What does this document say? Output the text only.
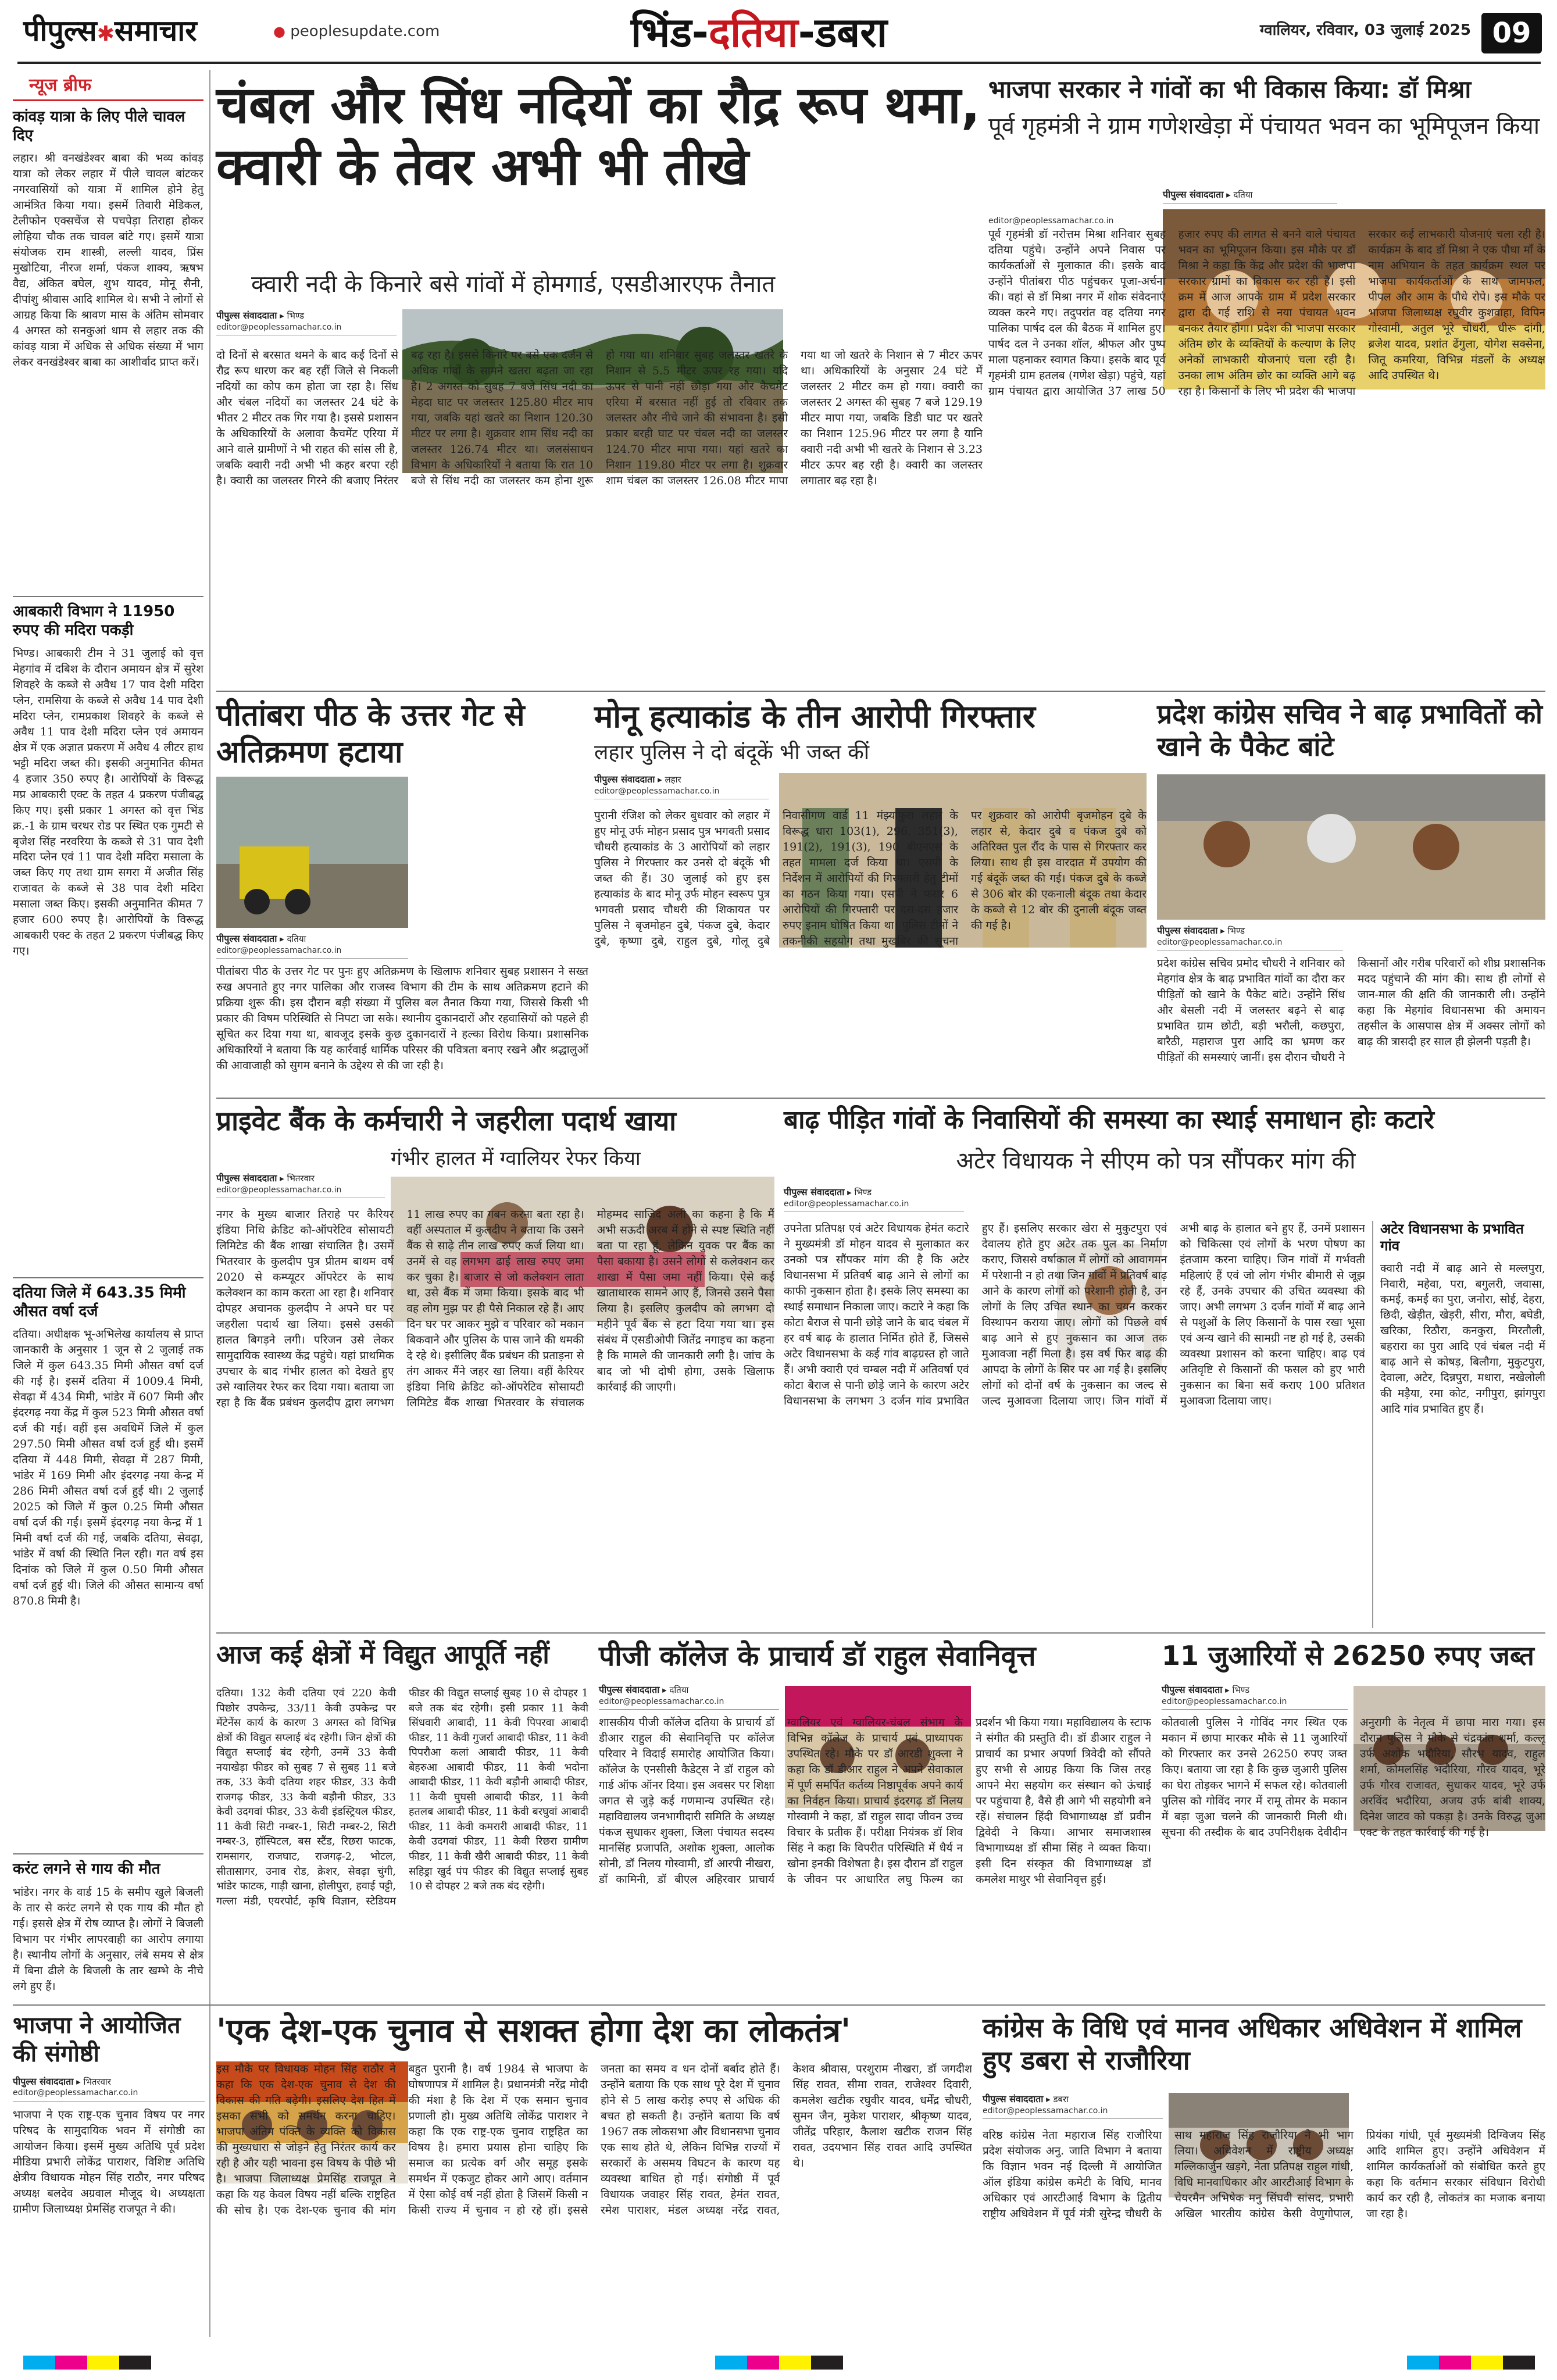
पीपुल्स✱समाचार	● peoplesupdate.com	भिंड-दतिया-डबरा	ग्वालियर, रविवार, 03 जुलाई 2025 09
न्यूज ब्रीफ
कांवड़ यात्रा के लिए पीले चावल दिए
लहार। श्री वनखंडेश्वर बाबा की भव्य कांवड़ यात्रा को लेकर लहार में पीले चावल बांटकर नगरवासियों को यात्रा में शामिल होने हेतु आमंत्रित किया गया। इसमें तिवारी मेडिकल, टेलीफोन एक्सचेंज से पचपेड़ा तिराहा होकर लोहिया चौक तक चावल बांटे गए। इसमें यात्रा संयोजक राम शास्त्री, लल्ली यादव, प्रिंस मुखोटिया, नीरज शर्मा, पंकज शाक्य, ऋषभ वैद्य, अंकित बघेल, शुभ यादव, मोनू सैनी, दीपांशु श्रीवास आदि शामिल थे। सभी ने लोगों से आग्रह किया कि श्रावण मास के अंतिम सोमवार 4 अगस्त को सनकुआं धाम से लहार तक की कांवड़ यात्रा में अधिक से अधिक संख्या में भाग लेकर वनखंडेश्वर बाबा का आशीर्वाद प्राप्त करें।
आबकारी विभाग ने 11950 रुपए की मदिरा पकड़ी
भिण्ड। आबकारी टीम ने 31 जुलाई को वृत्त मेहगांव में दबिश के दौरान अमायन क्षेत्र में सुरेश शिवहरे के कब्जे से अवैध 17 पाव देशी मदिरा प्लेन, रामसिया के कब्जे से अवैध 14 पाव देशी मदिरा प्लेन, रामप्रकाश शिवहरे के कब्जे से अवैध 11 पाव देशी मदिरा प्लेन एवं अमायन क्षेत्र में एक अज्ञात प्रकरण में अवैध 4 लीटर हाथ भट्टी मदिरा जब्त की। इसकी अनुमानित कीमत 4 हजार 350 रुपए है। आरोपियों के विरूद्ध मप्र आबकारी एक्ट के तहत 4 प्रकरण पंजीबद्ध किए गए। इसी प्रकार 1 अगस्त को वृत्त भिंड क्र.-1 के ग्राम चरथर रोड पर स्थित एक गुमटी से बृजेश सिंह नरवरिया के कब्जे से 31 पाव देशी मदिरा प्लेन एवं 11 पाव देशी मदिरा मसाला के जब्त किए गए तथा ग्राम सगरा में अजीत सिंह राजावत के कब्जे से 38 पाव देशी मदिरा मसाला जब्त किए। इसकी अनुमानित कीमत 7 हजार 600 रुपए है। आरोपियों के विरूद्ध आबकारी एक्ट के तहत 2 प्रकरण पंजीबद्ध किए गए।
दतिया जिले में 643.35 मिमी औसत वर्षा दर्ज
दतिया। अधीक्षक भू-अभिलेख कार्यालय से प्राप्त जानकारी के अनुसार 1 जून से 2 जुलाई तक जिले में कुल 643.35 मिमी औसत वर्षा दर्ज की गई है। इसमें दतिया में 1009.4 मिमी, सेवढ़ा में 434 मिमी, भांडेर में 607 मिमी और इंदरगढ़ नया केंद्र में कुल 523 मिमी औसत वर्षा दर्ज की गई। वहीं इस अवधिमें जिले में कुल 297.50 मिमी औसत वर्षा दर्ज हुई थी। इसमें दतिया में 448 मिमी, सेवढ़ा में 287 मिमी, भांडेर में 169 मिमी और इंदरगढ़ नया केन्द्र में 286 मिमी औसत वर्षा दर्ज हुई थी। 2 जुलाई 2025 को जिले में कुल 0.25 मिमी औसत वर्षा दर्ज की गई। इसमें इंदरगढ़ नया केन्द्र में 1 मिमी वर्षा दर्ज की गई, जबकि दतिया, सेवढ़ा, भांडेर में वर्षा की स्थिति निल रही। गत वर्ष इस दिनांक को जिले में कुल 0.50 मिमी औसत वर्षा दर्ज हुई थी। जिले की औसत सामान्य वर्षा 870.8 मिमी है।
करंट लगने से गाय की मौत
भांडेर। नगर के वार्ड 15 के समीप खुले बिजली के तार से करंट लगने से एक गाय की मौत हो गई। इससे क्षेत्र में रोष व्याप्त है। लोगों ने बिजली विभाग पर गंभीर लापरवाही का आरोप लगाया है। स्थानीय लोगों के अनुसार, लंबे समय से क्षेत्र में बिना ढीले के बिजली के तार खम्भे के नीचे लगे हुए हैं।
चंबल और सिंध नदियों का रौद्र रूप थमा, क्वारी के तेवर अभी भी तीखे
क्वारी नदी के किनारे बसे गांवों में होमगार्ड, एसडीआरएफ तैनात
पीपुल्स संवाददाता ▸ भिण्ड
editor@peoplessamachar.co.in
दो दिनों से बरसात थमने के बाद कई दिनों से रौद्र रूप धारण कर बह रहीं जिले से निकली नदियों का कोप कम होता जा रहा है। सिंध और चंबल नदियों का जलस्तर 24 घंटे के भीतर 2 मीटर तक गिर गया है। इससे प्रशासन के अधिकारियों के अलावा कैचमेंट एरिया में आने वाले ग्रामीणों ने भी राहत की सांस ली है, जबकि क्वारी नदी अभी भी कहर बरपा रही है। क्वारी का जलस्तर गिरने की बजाए निरंतर बढ़ रहा है। इससे किनारे पर बसे एक दर्जन से अधिक गांवों के सामने खतरा बढ़ता जा रहा है। 2 अगस्त को सुबह 7 बजे सिंध नदी का मेहदा घाट पर जलस्तर 125.80 मीटर माप गया, जबकि यहां खतरे का निशान 120.30 मीटर पर लगा है। शुक्रवार शाम सिंध नदी का जलस्तर 126.74 मीटर था। जलसंसाधन विभाग के अधिकारियों ने बताया कि रात 10 बजे से सिंध नदी का जलस्तर कम होना शुरू हो गया था। शनिवार सुबह जलस्तर खतरे के निशान से 5.5 मीटर ऊपर रह गया। यदि ऊपर से पानी नहीं छोड़ा गया और कैचमेंट एरिया में बरसात नहीं हुई तो रविवार तक जलस्तर और नीचे जाने की संभावना है। इसी प्रकार बरही घाट पर चंबल नदी का जलस्तर 124.70 मीटर मापा गया। यहां खतरे का निशान 119.80 मीटर पर लगा है। शुक्रवार शाम चंबल का जलस्तर 126.08 मीटर मापा गया था जो खतरे के निशान से 7 मीटर ऊपर था। अधिकारियों के अनुसार 24 घंटे में जलस्तर 2 मीटर कम हो गया। क्वारी का जलस्तर 2 अगस्त की सुबह 7 बजे 129.19 मीटर मापा गया, जबकि डिडी घाट पर खतरे का निशान 125.96 मीटर पर लगा है यानि क्वारी नदी अभी भी खतरे के निशान से 3.23 मीटर ऊपर बह रही है। क्वारी का जलस्तर लगातार बढ़ रहा है।
भाजपा सरकार ने गांवों का भी विकास किया: डॉ मिश्रा
पूर्व गृहमंत्री ने ग्राम गणेशखेड़ा में पंचायत भवन का भूमिपूजन किया
पीपुल्स संवाददाता ▸ दतिया
editor@peoplessamachar.co.in
पूर्व गृहमंत्री डॉ नरोत्तम मिश्रा शनिवार सुबह दतिया पहुंचे। उन्होंने अपने निवास पर कार्यकर्ताओं से मुलाकात की। इसके बाद उन्होंने पीतांबरा पीठ पहुंचकर पूजा-अर्चना की। वहां से डॉ मिश्रा नगर में शोक संवेदनाएं व्यक्त करने गए। तदुपरांत वह दतिया नगर पालिका पार्षद दल की बैठक में शामिल हुए। पार्षद दल ने उनका शॉल, श्रीफल और पुष्प माला पहनाकर स्वागत किया। इसके बाद पूर्व गृहमंत्री ग्राम हतलब (गणेश खेड़ा) पहुंचे, यहां ग्राम पंचायत द्वारा आयोजित 37 लाख 50 हजार रुपए की लागत से बनने वाले पंचायत भवन का भूमिपूजन किया। इस मौके पर डॉ मिश्रा ने कहा कि केंद्र और प्रदेश की भाजपा सरकार ग्रामों का विकास कर रही है। इसी क्रम में आज आपके ग्राम में प्रदेश सरकार द्वारा दी गई राशि से नया पंचायत भवन बनकर तैयार होगा। प्रदेश की भाजपा सरकार अंतिम छोर के व्यक्तियों के कल्याण के लिए अनेकों लाभकारी योजनाएं चला रही है। उनका लाभ अंतिम छोर का व्यक्ति आगे बढ़ रहा है। किसानों के लिए भी प्रदेश की भाजपा सरकार कई लाभकारी योजनाएं चला रही है। कार्यक्रम के बाद डॉ मिश्रा ने एक पौधा माँ के नाम अभियान के तहत कार्यक्रम स्थल पर भाजपा कार्यकर्ताओं के साथ जामफल, पीपल और आम के पौधे रोपे। इस मौके पर भाजपा जिलाध्यक्ष रघुवीर कुशवाहा, विपिन गोस्वामी, अतुल भूरे चौधरी, धीरू दांगी, ब्रजेश यादव, प्रशांत ढेंगुला, योगेश सक्सेना, जितू कमरिया, विभिन्न मंडलों के अध्यक्ष आदि उपस्थित थे।
पीतांबरा पीठ के उत्तर गेट से अतिक्रमण हटाया
पीपुल्स संवाददाता ▸ दतिया
editor@peoplessamachar.co.in
पीतांबरा पीठ के उत्तर गेट पर पुनः हुए अतिक्रमण के खिलाफ शनिवार सुबह प्रशासन ने सख्त रुख अपनाते हुए नगर पालिका और राजस्व विभाग की टीम के साथ अतिक्रमण हटाने की प्रक्रिया शुरू की। इस दौरान बड़ी संख्या में पुलिस बल तैनात किया गया, जिससे किसी भी प्रकार की विषम परिस्थिति से निपटा जा सके। स्थानीय दुकानदारों और रहवासियों को पहले ही सूचित कर दिया गया था, बावजूद इसके कुछ दुकानदारों ने हल्का विरोध किया। प्रशासनिक अधिकारियों ने बताया कि यह कार्रवाई धार्मिक परिसर की पवित्रता बनाए रखने और श्रद्धालुओं की आवाजाही को सुगम बनाने के उद्देश्य से की जा रही है।
मोनू हत्याकांड के तीन आरोपी गिरफ्तार
लहार पुलिस ने दो बंदूकें भी जब्त कीं
पीपुल्स संवाददाता ▸ लहार
editor@peoplessamachar.co.in
पुरानी रंजिश को लेकर बुधवार को लहार में हुए मोनू उर्फ मोहन प्रसाद पुत्र भगवती प्रसाद चौधरी हत्याकांड के 3 आरोपियों को लहार पुलिस ने गिरफ्तार कर उनसे दो बंदूकें भी जब्त की हैं। 30 जुलाई को हुए इस हत्याकांड के बाद मोनू उर्फ मोहन स्वरूप पुत्र भगवती प्रसाद चौधरी की शिकायत पर पुलिस ने बृजमोहन दुबे, पंकज दुबे, केदार दुबे, कृष्णा दुबे, राहुल दुबे, गोलू दुबे निवासीगण वार्ड 11 मंझ्याफुरा लहार के विरूद्ध धारा 103(1), 296, 351(3), 191(2), 191(3), 190 बीएनएस के तहत मामला दर्ज किया था। एसपी के निर्देशन में आरोपियों की गिरफ्तारी हेतु टीमों का गठन किया गया। एसपी ने फरार 6 आरोपियों की गिरफ्तारी पर दस-दस हजार रुपए इनाम घोषित किया था। पुलिस टीमों ने तकनीकी सहयोग तथा मुखबिर की सूचना पर शुक्रवार को आरोपी बृजमोहन दुबे के लहार से, केदार दुबे व पंकज दुबे को अतिरिक्त पुल रौंद के पास से गिरफ्तार कर लिया। साथ ही इस वारदात में उपयोग की गई बंदूकें जब्त की गई। पंकज दुबे के कब्जे से 306 बोर की एकनाली बंदूक तथा केदार के कब्जे से 12 बोर की दुनाली बंदूक जब्त की गई है।
प्रदेश कांग्रेस सचिव ने बाढ़ प्रभावितों को खाने के पैकेट बांटे
पीपुल्स संवाददाता ▸ भिण्ड
editor@peoplessamachar.co.in
प्रदेश कांग्रेस सचिव प्रमोद चौधरी ने शनिवार को मेहगांव क्षेत्र के बाढ़ प्रभावित गांवों का दौरा कर पीड़ितों को खाने के पैकेट बांटे। उन्होंने सिंध और बेसली नदी में जलस्तर बढ़ने से बाढ़ प्रभावित ग्राम छोटी, बड़ी भरौली, कछपुरा, बारैठी, महाराज पुरा आदि का भ्रमण कर पीड़ितों की समस्याएं जानीं। इस दौरान चौधरी ने किसानों और गरीब परिवारों को शीघ्र प्रशासनिक मदद पहुंचाने की मांग की। साथ ही लोगों से जान-माल की क्षति की जानकारी ली। उन्होंने कहा कि मेहगांव विधानसभा की अमायन तहसील के आसपास क्षेत्र में अक्सर लोगों को बाढ़ की त्रासदी हर साल ही झेलनी पड़ती है।
प्राइवेट बैंक के कर्मचारी ने जहरीला पदार्थ खाया
गंभीर हालत में ग्वालियर रेफर किया
पीपुल्स संवाददाता ▸ भितरवार
editor@peoplessamachar.co.in
नगर के मुख्य बाजार तिराहे पर कैरियर इंडिया निधि क्रेडिट को-ऑपरेटिव सोसायटी लिमिटेड की बैंक शाखा संचालित है। उसमें भितरवार के कुलदीप पुत्र प्रीतम बाथम वर्ष 2020 से कम्प्यूटर ऑपरेटर के साथ कलेक्शन का काम करता आ रहा है। शनिवार दोपहर अचानक कुलदीप ने अपने घर पर जहरीला पदार्थ खा लिया। इससे उसकी हालत बिगड़ने लगी। परिजन उसे लेकर सामुदायिक स्वास्थ्य केंद्र पहुंचे। यहां प्राथमिक उपचार के बाद गंभीर हालत को देखते हुए उसे ग्वालियर रेफर कर दिया गया। बताया जा रहा है कि बैंक प्रबंधन कुलदीप द्वारा लगभग 11 लाख रुपए का गबन करना बता रहा है। वहीं अस्पताल में कुलदीप ने बताया कि उसने बैंक से साढ़े तीन लाख रुपए कर्ज लिया था। उनमें से वह लगभग ढाई लाख रुपए जमा कर चुका है। बाजार से जो कलेक्शन लाता था, उसे बैंक में जमा किया। इसके बाद भी वह लोग मुझ पर ही पैसे निकाल रहे हैं। आए दिन घर पर आकर मुझे व परिवार को मकान बिकवाने और पुलिस के पास जाने की धमकी दे रहे थे। इसीलिए बैंक प्रबंधन की प्रताड़ना से तंग आकर मैंने जहर खा लिया। वहीं कैरियर इंडिया निधि क्रेडिट को-ऑपरेटिव सोसायटी लिमिटेड बैंक शाखा भितरवार के संचालक मोहम्मद साजिद अली का कहना है कि मैं अभी सऊदी अरब में होने से स्पष्ट स्थिति नहीं बता पा रहा हूं, लेकिन युवक पर बैंक का पैसा बकाया है। उसने लोगों से कलेक्शन कर शाखा में पैसा जमा नहीं किया। ऐसे कई खाताधारक सामने आए हैं, जिनसे उसने पैसा लिया है। इसलिए कुलदीप को लगभग दो महीने पूर्व बैंक से हटा दिया गया था। इस संबंध में एसडीओपी जितेंद्र नगाइच का कहना है कि मामले की जानकारी लगी है। जांच के बाद जो भी दोषी होगा, उसके खिलाफ कार्रवाई की जाएगी।
बाढ़ पीड़ित गांवों के निवासियों की समस्या का स्थाई समाधान होः कटारे
अटेर विधायक ने सीएम को पत्र सौंपकर मांग की
पीपुल्स संवाददाता ▸ भिण्ड
editor@peoplessamachar.co.in
उपनेता प्रतिपक्ष एवं अटेर विधायक हेमंत कटारे ने मुख्यमंत्री डॉ मोहन यादव से मुलाकात कर उनको पत्र सौंपकर मांग की है कि अटेर विधानसभा में प्रतिवर्ष बाढ़ आने से लोगों का काफी नुकसान होता है। इसके लिए समस्या का स्थाई समाधान निकाला जाए। कटारे ने कहा कि कोटा बैराज से पानी छोड़े जाने के बाद चंबल में हर वर्ष बाढ़ के हालात निर्मित होते हैं, जिससे अटेर विधानसभा के कई गांव बाढ़ग्रस्त हो जाते हैं। अभी क्वारी एवं चम्बल नदी में अतिवर्षा एवं कोटा बैराज से पानी छोड़े जाने के कारण अटेर विधानसभा के लगभग 3 दर्जन गांव प्रभावित हुए हैं। इसलिए सरकार खेरा से मुकुटपुरा एवं देवालय होते हुए अटेर तक पुल का निर्माण कराए, जिससे वर्षाकाल में लोगों को आवागमन में परेशानी न हो तथा जिन गांवों में प्रतिवर्ष बाढ़ आने के कारण लोगों को परेशानी होती है, उन लोगों के लिए उचित स्थान का चयन करकर विस्थापन कराया जाए। लोगों को पिछले वर्ष बाढ़ आने से हुए नुकसान का आज तक मुआवजा नहीं मिला है। इस वर्ष फिर बाढ़ की आपदा के लोगों के सिर पर आ गई है। इसलिए लोगों को दोनों वर्ष के नुकसान का जल्द से जल्द मुआवजा दिलाया जाए। जिन गांवों में अभी बाढ़ के हालात बने हुए हैं, उनमें प्रशासन को चिकित्सा एवं लोगों के भरण पोषण का इंतजाम करना चाहिए। जिन गांवों में गर्भवती महिलाएं हैं एवं जो लोग गंभीर बीमारी से जूझ रहे हैं, उनके उपचार की उचित व्यवस्था की जाए। अभी लगभग 3 दर्जन गांवों में बाढ़ आने से पशुओं के लिए किसानों के पास रखा भूसा एवं अन्य खाने की सामग्री नष्ट हो गई है, उसकी व्यवस्था प्रशासन को करना चाहिए। बाढ़ एवं अतिवृष्टि से किसानों की फसल को हुए भारी नुकसान का बिना सर्वे कराए 100 प्रतिशत मुआवजा दिलाया जाए।
अटेर विधानसभा के प्रभावित गांव
क्वारी नदी में बाढ़ आने से मल्लपुरा, निवारी, महेवा, परा, बगुलरी, जवासा, कमई, कमई का पुरा, जनोरा, सोई, देहरा, छिदी, खेड़ीत, खेड़री, सीरा, मौरा, बघेडी, खरिका, रिठौरा, कनकुरा, मिरतौली, बहरारा का पुरा आदि एवं चंबल नदी में बाढ़ आने से कोषड़, बिलौगा, मुकुटपुरा, देवाला, अटेर, दिन्नपुरा, मधारा, नखेलोली की मड़ैया, रमा कोट, नगीपुरा, झांगपुरा आदि गांव प्रभावित हुए हैं।
आज कई क्षेत्रों में विद्युत आपूर्ति नहीं
दतिया। 132 केवी दतिया एवं 220 केवी पिछोर उपकेन्द्र, 33/11 केवी उपकेन्द्र पर मेंटेनेंस कार्य के कारण 3 अगस्त को विभिन्न क्षेत्रों की विद्युत सप्लाई बंद रहेगी। जिन क्षेत्रों की विद्युत सप्लाई बंद रहेगी, उनमें 33 केवी नयाखेड़ा फीडर को सुबह 7 से सुबह 11 बजे तक, 33 केवी दतिया शहर फीडर, 33 केवी राजगढ़ फीडर, 33 केवी बड़ौनी फीडर, 33 केवी उदगवां फीडर, 33 केवी इंडस्ट्रियल फीडर, 11 केवी सिटी नम्बर-1, सिटी नम्बर-2, सिटी नम्बर-3, हॉस्पिटल, बस स्टैंड, रिछरा फाटक, रामसागर, राजघाट, राजगढ़-2, भोटल, सीतासागर, उनाव रोड, क्रेशर, सेवढ़ा चुंगी, भांडेर फाटक, गाड़ी खाना, होलीपुरा, हवाई पट्टी, गल्ला मंडी, एयरपोर्ट, कृषि विज्ञान, स्टेडियम फीडर की विद्युत सप्लाई सुबह 10 से दोपहर 1 बजे तक बंद रहेगी। इसी प्रकार 11 केवी सिंधवारी आबादी, 11 केवी पिपरवा आबादी फीडर, 11 केवी गुजर्रा आबादी फीडर, 11 केवी पिपरौआ कलां आबादी फीडर, 11 केवी बेहरुआ आबादी फीडर, 11 केवी भदोना आबादी फीडर, 11 केवी बड़ौनी आबादी फीडर, 11 केवी घुघसी आबादी फीडर, 11 केवी हतलब आबादी फीडर, 11 केवी बरघुवां आबादी फीडर, 11 केवी कमरारी आबादी फीडर, 11 केवी उदगवां फीडर, 11 केवी रिछरा ग्रामीण फीडर, 11 केवी खैरी आबादी फीडर, 11 केवी सहिड्रा खुर्द पंप फीडर की विद्युत सप्लाई सुबह 10 से दोपहर 2 बजे तक बंद रहेगी।
पीजी कॉलेज के प्राचार्य डॉ राहुल सेवानिवृत्त
पीपुल्स संवाददाता ▸ दतिया
editor@peoplessamachar.co.in
शासकीय पीजी कॉलेज दतिया के प्राचार्य डॉ डीआर राहुल की सेवानिवृत्ति पर कॉलेज परिवार ने विदाई समारोह आयोजित किया। कॉलेज के एनसीसी कैडेट्स ने डॉ राहुल को गार्ड ऑफ ऑनर दिया। इस अवसर पर शिक्षा जगत से जुड़े कई गणमान्य उपस्थित रहे। महाविद्यालय जनभागीदारी समिति के अध्यक्ष पंकज सुधाकर शुक्ला, जिला पंचायत सदस्य मानसिंह प्रजापति, अशोक शुक्ला, आलोक सोनी, डॉ निलय गोस्वामी, डॉ आरपी नीखरा, डॉ कामिनी, डॉ बीएल अहिरवार प्राचार्य ग्वालियर एवं ग्वालियर-चंबल संभाग के विभिन्न कॉलेज के प्राचार्य एवं प्राध्यापक उपस्थित रहे। मौके पर डॉ आरडी शुक्ला ने कहा कि डॉ डीआर राहुल ने अपने सेवाकाल में पूर्ण समर्पित कर्तव्य निष्ठापूर्वक अपने कार्य का निर्वहन किया। प्राचार्य इंदरगढ़ डॉ निलय गोस्वामी ने कहा, डॉ राहुल सादा जीवन उच्च विचार के प्रतीक हैं। परीक्षा नियंत्रक डॉ शिव सिंह ने कहा कि विपरीत परिस्थिति में धैर्य न खोना इनकी विशेषता है। इस दौरान डॉ राहुल के जीवन पर आधारित लघु फिल्म का प्रदर्शन भी किया गया। महाविद्यालय के स्टाफ ने संगीत की प्रस्तुति दी। डॉ डीआर राहुल ने प्राचार्य का प्रभार अपर्णा त्रिवेदी को सौंपते हुए सभी से आग्रह किया कि जिस तरह आपने मेरा सहयोग कर संस्थान को ऊंचाई पर पहुंचाया है, वैसे ही आगे भी सहयोगी बने रहें। संचालन हिंदी विभागाध्यक्ष डॉ प्रवीन द्विवेदी ने किया। आभार समाजशास्त्र विभागाध्यक्ष डॉ सीमा सिंह ने व्यक्त किया। इसी दिन संस्कृत की विभागाध्यक्ष डॉ कमलेश माथुर भी सेवानिवृत्त हुई।
11 जुआरियों से 26250 रुपए जब्त
पीपुल्स संवाददाता ▸ भिण्ड
editor@peoplessamachar.co.in
कोतवाली पुलिस ने गोविंद नगर स्थित एक मकान में छापा मारकर मौके से 11 जुआरियों को गिरफ्तार कर उनसे 26250 रुपए जब्त किए। बताया जा रहा है कि कुछ जुआरी पुलिस का घेरा तोड़कर भागने में सफल रहे। कोतवाली पुलिस को गोविंद नगर में रामू तोमर के मकान में बड़ा जुआ चलने की जानकारी मिली थी। सूचना की तस्दीक के बाद उपनिरीक्षक देवीदीन अनुरागी के नेतृत्व में छापा मारा गया। इस दौरान पुलिस ने मौके से चंद्रकांत शर्मा, कल्लू उर्फ अशोक भदौरिया, सौरभ यादव, राहुल शर्मा, कोमलसिंह भदौरिया, गौरव यादव, भूरे उर्फ गौरव राजावत, सुधाकर यादव, भूरे उर्फ अरविंद भदौरिया, अजय उर्फ बांबी शाक्य, दिनेश जाटव को पकड़ा है। उनके विरुद्ध जुआ एक्ट के तहत कार्रवाई की गई है।
भाजपा ने आयोजित की संगोष्ठी
पीपुल्स संवाददाता ▸ भितरवार
editor@peoplessamachar.co.in
भाजपा ने एक राष्ट्र-एक चुनाव विषय पर नगर परिषद के सामुदायिक भवन में संगोष्ठी का आयोजन किया। इसमें मुख्य अतिथि पूर्व प्रदेश मीडिया प्रभारी लोकेंद्र पाराशर, विशिष्ट अतिथि क्षेत्रीय विधायक मोहन सिंह राठौर, नगर परिषद अध्यक्ष बलदेव अग्रवाल मौजूद थे। अध्यक्षता ग्रामीण जिलाध्यक्ष प्रेमसिंह राजपूत ने की।
'एक देश-एक चुनाव से सशक्त होगा देश का लोकतंत्र'
इस मौके पर विधायक मोहन सिंह राठौर ने कहा कि एक देश-एक चुनाव से देश की विकास की गति बढ़ेगी। इसलिए देश हित में इसका सभी को समर्थन करना चाहिए। भाजपा अंतिम पंक्ति के व्यक्ति को विकास की मुख्यधारा से जोड़ने हेतु निरंतर कार्य कर रही है और यही भावना इस विषय के पीछे भी है। भाजपा जिलाध्यक्ष प्रेमसिंह राजपूत ने कहा कि यह केवल विषय नहीं बल्कि राष्ट्रहित की सोच है। एक देश-एक चुनाव की मांग बहुत पुरानी है। वर्ष 1984 से भाजपा के घोषणापत्र में शामिल है। प्रधानमंत्री नरेंद्र मोदी की मंशा है कि देश में एक समान चुनाव प्रणाली हो। मुख्य अतिथि लोकेंद्र पाराशर ने कहा कि एक राष्ट्र-एक चुनाव राष्ट्रहित का विषय है। हमारा प्रयास होना चाहिए कि समाज का प्रत्येक वर्ग और समूह इसके समर्थन में एकजुट होकर आगे आए। वर्तमान में ऐसा कोई वर्ष नहीं होता है जिसमें किसी न किसी राज्य में चुनाव न हो रहे हों। इससे जनता का समय व धन दोनों बर्बाद होते हैं। उन्होंने बताया कि एक साथ पूरे देश में चुनाव होने से 5 लाख करोड़ रुपए से अधिक की बचत हो सकती है। उन्होंने बताया कि वर्ष 1967 तक लोकसभा और विधानसभा चुनाव एक साथ होते थे, लेकिन विभिन्न राज्यों में सरकारों के असमय विघटन के कारण यह व्यवस्था बाधित हो गई। संगोष्ठी में पूर्व विधायक जवाहर सिंह रावत, हेमंत रावत, रमेश पाराशर, मंडल अध्यक्ष नरेंद्र रावत, केशव श्रीवास, परशुराम नीखरा, डॉ जगदीश सिंह रावत, सीमा रावत, राजेश्वर दिवारी, कमलेश खटीक रघुवीर यादव, धर्मेंद्र चौधरी, सुमन जैन, मुकेश पाराशर, श्रीकृष्ण यादव, जीतेंद्र परिहार, कैलाश खटीक राजन सिंह रावत, उदयभान सिंह रावत आदि उपस्थित थे।
कांग्रेस के विधि एवं मानव अधिकार अधिवेशन में शामिल हुए डबरा से राजौरिया
पीपुल्स संवाददाता ▸ डबरा
editor@peoplessamachar.co.in
वरिष्ठ कांग्रेस नेता महाराज सिंह राजौरिया प्रदेश संयोजक अनु. जाति विभाग ने बताया कि विज्ञान भवन नई दिल्ली में आयोजित ऑल इंडिया कांग्रेस कमेटी के विधि, मानव अधिकार एवं आरटीआई विभाग के द्वितीय राष्ट्रीय अधिवेशन में पूर्व मंत्री सुरेन्द्र चौधरी के साथ महाराज सिंह राजौरिया ने भी भाग लिया। अधिवेशन में राष्ट्रीय अध्यक्ष मल्लिकार्जुन खड़गे, नेता प्रतिपक्ष राहुल गांधी, विधि मानवाधिकार और आरटीआई विभाग के चेयरमैन अभिषेक मनु सिंघवी सांसद, प्रभारी अखिल भारतीय कांग्रेस केसी वेणुगोपाल, प्रियंका गांधी, पूर्व मुख्यमंत्री दिग्विजय सिंह आदि शामिल हुए। उन्होंने अधिवेशन में शामिल कार्यकर्ताओं को संबोधित करते हुए कहा कि वर्तमान सरकार संविधान विरोधी कार्य कर रही है, लोकतंत्र का मजाक बनाया जा रहा है।
